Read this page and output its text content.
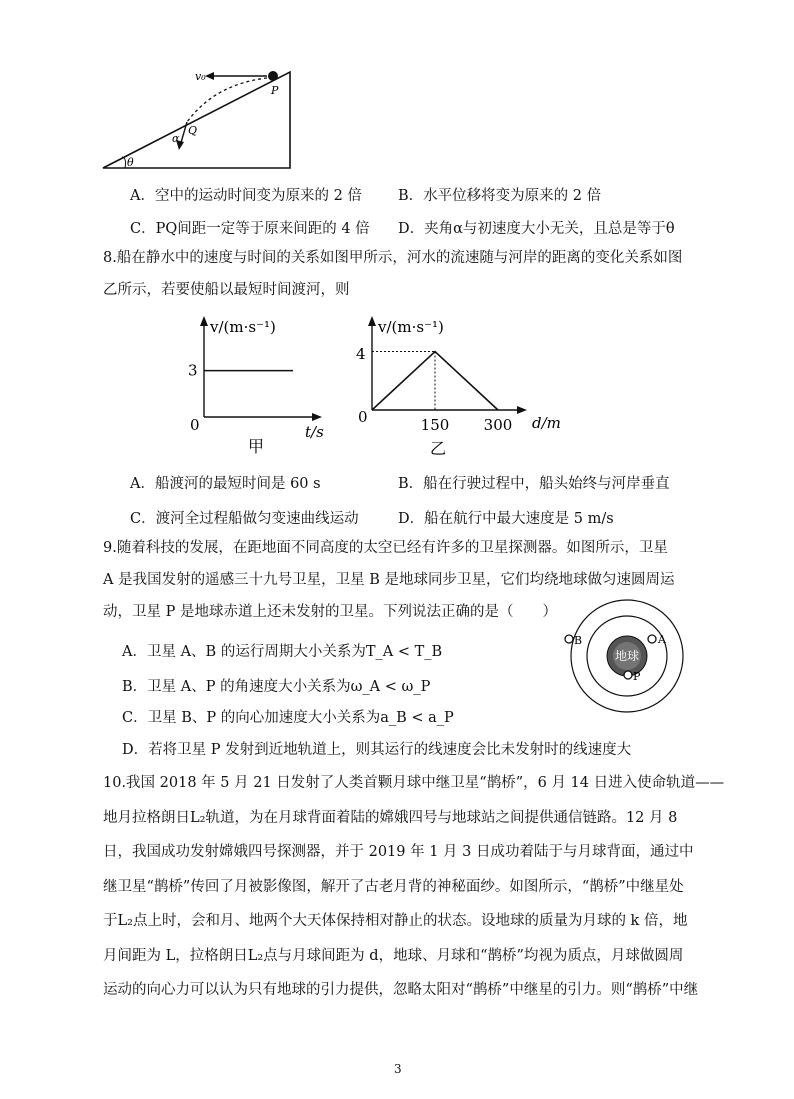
v₀
P
Q
α
θ
A．空中的运动时间变为原来的 2 倍 B．水平位移将变为原来的 2 倍
C．PQ间距一定等于原来间距的 4 倍 D．夹角α与初速度大小无关，且总是等于θ
8.船在静水中的速度与时间的关系如图甲所示，河水的流速随与河岸的距离的变化关系如图
乙所示，若要使船以最短时间渡河，则
v/(m·s⁻¹)
3
0	t/s
甲
v/(m·s⁻¹)
4
0	150 300 d/m
乙
A．船渡河的最短时间是 60 s	B．船在行驶过程中，船头始终与河岸垂直
C．渡河全过程船做匀变速曲线运动	D．船在航行中最大速度是 5 m/s
9.随着科技的发展，在距地面不同高度的太空已经有许多的卫星探测器。如图所示，卫星
A 是我国发射的遥感三十九号卫星，卫星 B 是地球同步卫星，它们均绕地球做匀速圆周运
动，卫星 P 是地球赤道上还未发射的卫星。下列说法正确的是（　　）
A．卫星 A、B 的运行周期大小关系为T_A < T_B
B．卫星 A、P 的角速度大小关系为ω_A < ω_P
C．卫星 B、P 的向心加速度大小关系为a_B < a_P
D．若将卫星 P 发射到近地轨道上，则其运行的线速度会比未发射时的线速度大
地球
B	A
P
10.我国 2018 年 5 月 21 日发射了人类首颗月球中继卫星“鹊桥”，6 月 14 日进入使命轨道——
地月拉格朗日L₂轨道，为在月球背面着陆的嫦娥四号与地球站之间提供通信链路。12 月 8
日，我国成功发射嫦娥四号探测器，并于 2019 年 1 月 3 日成功着陆于与月球背面，通过中
继卫星“鹊桥”传回了月被影像图，解开了古老月背的神秘面纱。如图所示，“鹊桥”中继星处
于L₂点上时，会和月、地两个大天体保持相对静止的状态。设地球的质量为月球的 k 倍，地
月间距为 L，拉格朗日L₂点与月球间距为 d，地球、月球和“鹊桥”均视为质点，月球做圆周
运动的向心力可以认为只有地球的引力提供，忽略太阳对“鹊桥”中继星的引力。则“鹊桥”中继
3
